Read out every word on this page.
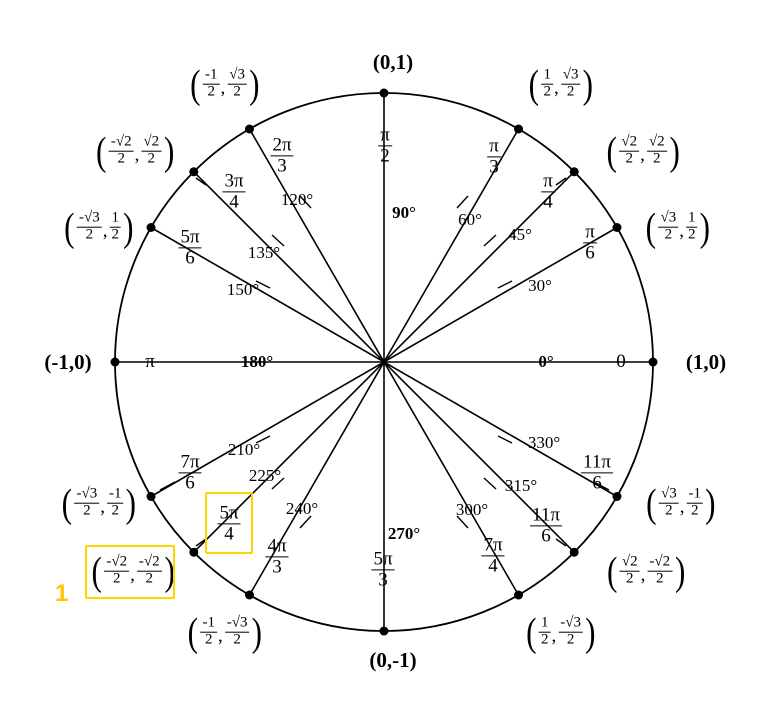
(0,1)
(0,-1)
(1,0)
(-1,0)
90°
270°
180°	0°	0
π
30°
45°
60°
120°
135°
150°
210°
225°
240°	300°
315°
330°
$\frac{\pi}{2}$
$\frac{5\pi}{3}$
$\frac{\pi}{3}$
$\frac{\pi}{4}$
$\frac{\pi}{6}$
$\frac{2\pi}{3}$
$\frac{3\pi}{4}$
$\frac{5\pi}{6}$
$\frac{7\pi}{6}$
$\frac{5\pi}{4}$
$\frac{4\pi}{3}$	$\frac{7\pi}{4}$
$\frac{11\pi}{6}$
$\frac{11\pi}{6}$
( $\frac{√3}{2}$ , $\frac{1}{2}$ )
( $\frac{√2}{2}$ , $\frac{√2}{2}$ )
( $\frac{1}{2}$ , $\frac{√3}{2}$ )
( $\frac{-1}{2}$ , $\frac{√3}{2}$ )
( $\frac{-√2}{2}$ , $\frac{√2}{2}$ )
( $\frac{-√3}{2}$ , $\frac{1}{2}$ )
( $\frac{-√3}{2}$ , $\frac{-1}{2}$ )
( $\frac{-√2}{2}$ , $\frac{-√2}{2}$ )
1
( $\frac{-1}{2}$ , $\frac{-√3}{2}$ )	( $\frac{1}{2}$ , $\frac{-√3}{2}$ )
( $\frac{√2}{2}$ , $\frac{-√2}{2}$ )
( $\frac{√3}{2}$ , $\frac{-1}{2}$ )
